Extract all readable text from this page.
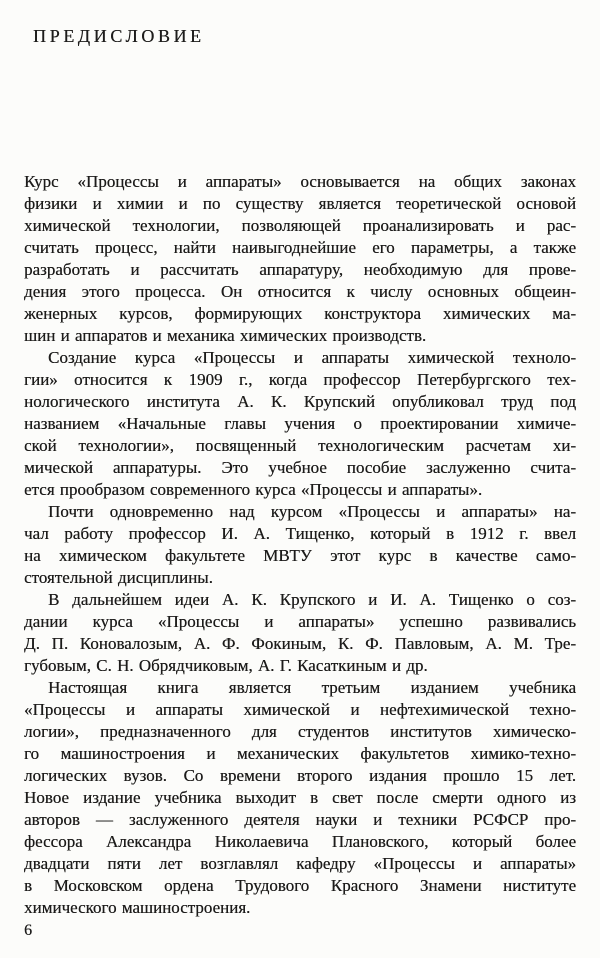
ПРЕДИСЛОВИЕ
Курс «Процессы и аппараты» основывается на общих законах
физики и химии и по существу является теоретической основой
химической технологии, позволяющей проанализировать и рас-
считать процесс, найти наивыгоднейшие его параметры, а также
разработать и рассчитать аппаратуру, необходимую для прове-
дения этого процесса. Он относится к числу основных общеин-
женерных курсов, формирующих конструктора химических ма-
шин и аппаратов и механика химических производств.
Создание курса «Процессы и аппараты химической техноло-
гии» относится к 1909 г., когда профессор Петербургского тех-
нологического института А. К. Крупский опубликовал труд под
названием «Начальные главы учения о проектировании химиче-
ской технологии», посвященный технологическим расчетам хи-
мической аппаратуры. Это учебное пособие заслуженно счита-
ется прообразом современного курса «Процессы и аппараты».
Почти одновременно над курсом «Процессы и аппараты» на-
чал работу профессор И. А. Тищенко, который в 1912 г. ввел
на химическом факультете МВТУ этот курс в качестве само-
стоятельной дисциплины.
В дальнейшем идеи А. К. Крупского и И. А. Тищенко о соз-
дании курса «Процессы и аппараты» успешно развивались
Д. П. Коновалозым, А. Ф. Фокиным, К. Ф. Павловым, А. М. Тре-
губовым, С. Н. Обрядчиковым, А. Г. Касаткиным и др.
Настоящая книга является третьим изданием учебника
«Процессы и аппараты химической и нефтехимической техно-
логии», предназначенного для студентов институтов химическо-
го машиностроения и механических факультетов химико-техно-
логических вузов. Со времени второго издания прошло 15 лет.
Новое издание учебника выходит в свет после смерти одного из
авторов — заслуженного деятеля науки и техники РСФСР про-
фессора Александра Николаевича Плановского, который более
двадцати пяти лет возглавлял кафедру «Процессы и аппараты»
в Московском ордена Трудового Красного Знамени ниституте
химического машиностроения.
6
